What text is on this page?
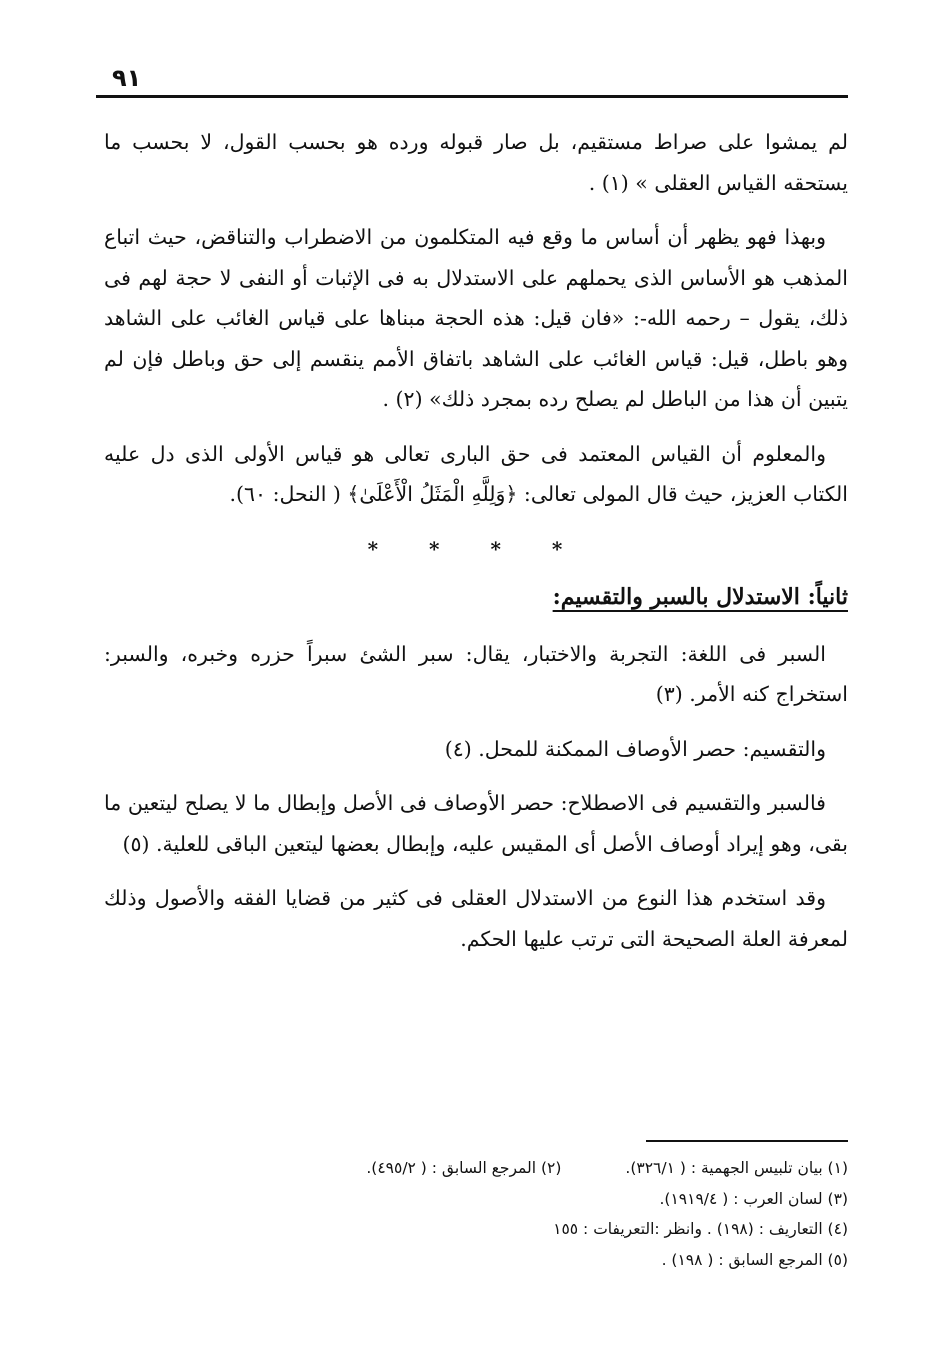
٩١

لم يمشوا على صراط مستقيم، بل صار قبوله ورده هو بحسب القول، لا بحسب ما يستحقه القياس العقلى » (١) .

وبهذا فهو يظهر أن أساس ما وقع فيه المتكلمون من الاضطراب والتناقض، حيث اتباع المذهب هو الأساس الذى يحملهم على الاستدلال به فى الإثبات أو النفى لا حجة لهم فى ذلك، يقول – رحمه الله-: «فان قيل: هذه الحجة مبناها على قياس الغائب على الشاهد وهو باطل، قيل: قياس الغائب على الشاهد باتفاق الأمم ينقسم إلى حق وباطل فإن لم يتبين أن هذا من الباطل لم يصلح رده بمجرد ذلك» (٢) .

والمعلوم أن القياس المعتمد فى حق البارى تعالى هو قياس الأولى الذى دل عليه الكتاب العزيز، حيث قال المولى تعالى: ﴿وَلِلَّهِ الْمَثَلُ الْأَعْلَىٰ﴾ ( النحل: ٦٠).

* * * *
ثانياً: الاستدلال بالسبر والتقسيم:

السبر فى اللغة: التجربة والاختبار، يقال: سبر الشئ سبراً حزره وخبره، والسبر: استخراج كنه الأمر. (٣)

والتقسيم: حصر الأوصاف الممكنة للمحل. (٤)

فالسبر والتقسيم فى الاصطلاح: حصر الأوصاف فى الأصل وإبطال ما لا يصلح ليتعين ما بقى، وهو إيراد أوصاف الأصل أى المقيس عليه، وإبطال بعضها ليتعين الباقى للعلية. (٥)

وقد استخدم هذا النوع من الاستدلال العقلى فى كثير من قضايا الفقه والأصول وذلك لمعرفة العلة الصحيحة التى ترتب عليها الحكم.

(١) بيان تلبيس الجهمية : ( ٣٢٦/١).
(٢) المرجع السابق : ( ٤٩٥/٢).
(٣) لسان العرب : ( ١٩١٩/٤).
(٤) التعاريف : (١٩٨) . وانظر :التعريفات : ١٥٥
(٥) المرجع السابق : ( ١٩٨) .
